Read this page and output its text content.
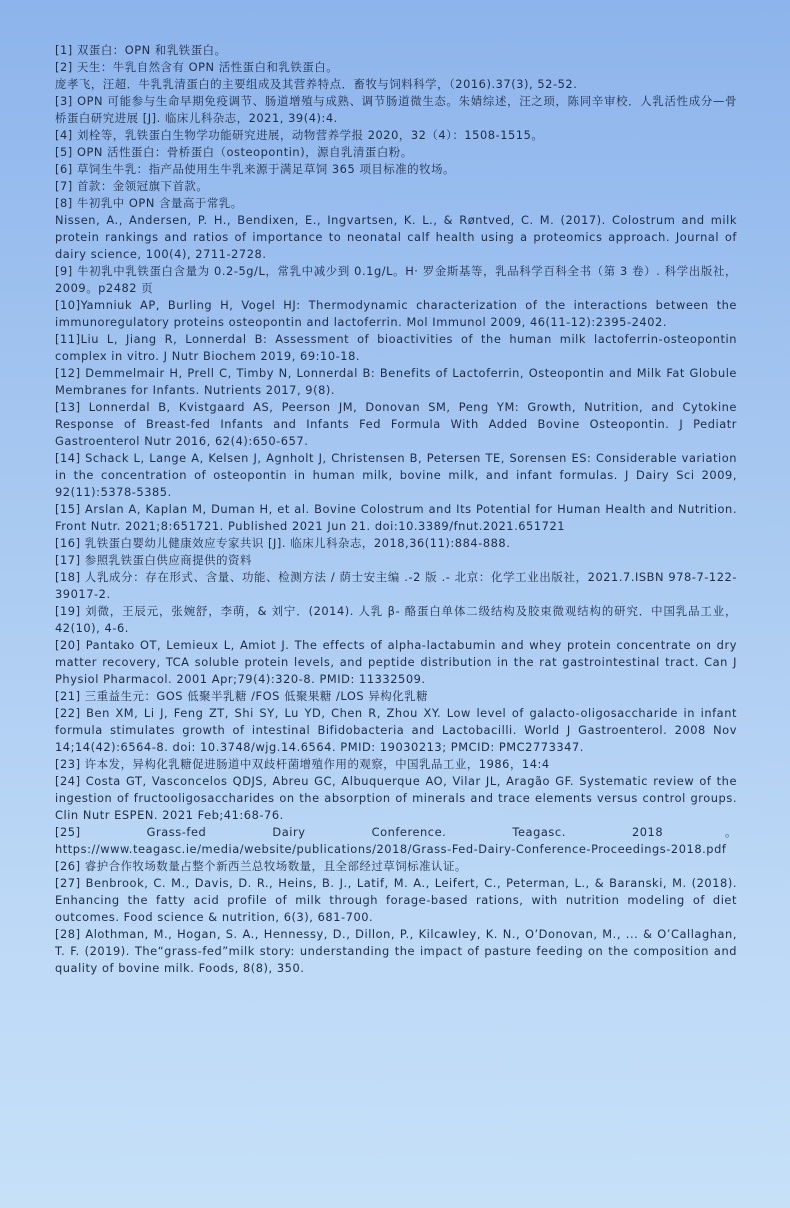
[1] 双蛋白：OPN 和乳铁蛋白。

[2] 天生：牛乳自然含有 OPN 活性蛋白和乳铁蛋白。

庞孝飞，汪超．牛乳乳清蛋白的主要组成及其营养特点．畜牧与饲料科学，（2016).37(3), 52-52.

[3] OPN 可能参与生命早期免疫调节、肠道增殖与成熟、调节肠道微生态。朱婧综述，汪之顼，陈同辛审校．人乳活性成分—骨桥蛋白研究进展 [J]. 临床儿科杂志，2021, 39(4):4.

[4] 刘栓等，乳铁蛋白生物学功能研究进展，动物营养学报 2020，32（4）：1508-1515。

[5] OPN 活性蛋白：骨桥蛋白（osteopontin)，源自乳清蛋白粉。

[6] 草饲生牛乳：指产品使用生牛乳来源于满足草饲 365 项目标准的牧场。

[7] 首款：金领冠旗下首款。

[8] 牛初乳中 OPN 含量高于常乳。

Nissen, A., Andersen, P. H., Bendixen, E., Ingvartsen, K. L., & Røntved, C. M. (2017). Colostrum and milk protein rankings and ratios of importance to neonatal calf health using a proteomics approach. Journal of dairy science, 100(4), 2711-2728.

[9] 牛初乳中乳铁蛋白含量为 0.2-5g/L，常乳中减少到 0.1g/L。H· 罗金斯基等，乳品科学百科全书（第 3 卷）. 科学出版社，2009。p2482 页

[10]Yamniuk AP, Burling H, Vogel HJ: Thermodynamic characterization of the interactions between the immunoregulatory proteins osteopontin and lactoferrin. Mol Immunol 2009, 46(11-12):2395-2402.

[11]Liu L, Jiang R, Lonnerdal B: Assessment of bioactivities of the human milk lactoferrin-osteopontin complex in vitro. J Nutr Biochem 2019, 69:10-18.

[12] Demmelmair H, Prell C, Timby N, Lonnerdal B: Benefits of Lactoferrin, Osteopontin and Milk Fat Globule Membranes for Infants. Nutrients 2017, 9(8).

[13] Lonnerdal B, Kvistgaard AS, Peerson JM, Donovan SM, Peng YM: Growth, Nutrition, and Cytokine Response of Breast-fed Infants and Infants Fed Formula With Added Bovine Osteopontin. J Pediatr Gastroenterol Nutr 2016, 62(4):650-657.

[14] Schack L, Lange A, Kelsen J, Agnholt J, Christensen B, Petersen TE, Sorensen ES: Considerable variation in the concentration of osteopontin in human milk, bovine milk, and infant formulas. J Dairy Sci 2009, 92(11):5378-5385.

[15] Arslan A, Kaplan M, Duman H, et al. Bovine Colostrum and Its Potential for Human Health and Nutrition. Front Nutr. 2021;8:651721. Published 2021 Jun 21. doi:10.3389/fnut.2021.651721

[16] 乳铁蛋白婴幼儿健康效应专家共识 [J]. 临床儿科杂志，2018,36(11):884-888.

[17] 参照乳铁蛋白供应商提供的资料

[18] 人乳成分：存在形式、含量、功能、检测方法 / 荫士安主编 .-2 版 .- 北京：化学工业出版社，2021.7.ISBN 978-7-122-39017-2.

[19] 刘微，王辰元，张婉舒，李萌，& 刘宁．(2014). 人乳 β- 酪蛋白单体二级结构及胶束微观结构的研究．中国乳品工业，42(10), 4-6.

[20] Pantako OT, Lemieux L, Amiot J. The effects of alpha-lactabumin and whey protein concentrate on dry matter recovery, TCA soluble protein levels, and peptide distribution in the rat gastrointestinal tract. Can J Physiol Pharmacol. 2001 Apr;79(4):320-8. PMID: 11332509.

[21] 三重益生元：GOS 低聚半乳糖 /FOS 低聚果糖 /LOS 异构化乳糖

[22] Ben XM, Li J, Feng ZT, Shi SY, Lu YD, Chen R, Zhou XY. Low level of galacto-oligosaccharide in infant formula stimulates growth of intestinal Bifidobacteria and Lactobacilli. World J Gastroenterol. 2008 Nov 14;14(42):6564-8. doi: 10.3748/wjg.14.6564. PMID: 19030213; PMCID: PMC2773347.

[23] 许本发，异构化乳糖促进肠道中双歧杆菌增殖作用的观察，中国乳品工业，1986，14:4

[24] Costa GT, Vasconcelos QDJS, Abreu GC, Albuquerque AO, Vilar JL, Aragão GF. Systematic review of the ingestion of fructooligosaccharides on the absorption of minerals and trace elements versus control groups. Clin Nutr ESPEN. 2021 Feb;41:68-76.

[25] Grass-fed Dairy Conference. Teagasc. 2018。https://www.teagasc.ie/media/website/publications/2018/Grass-Fed-Dairy-Conference-Proceedings-2018.pdf

[26] 睿护合作牧场数量占整个新西兰总牧场数量，且全部经过草饲标准认证。

[27] Benbrook, C. M., Davis, D. R., Heins, B. J., Latif, M. A., Leifert, C., Peterman, L., & Baranski, M. (2018). Enhancing the fatty acid profile of milk through forage‐based rations, with nutrition modeling of diet outcomes. Food science & nutrition, 6(3), 681-700.

[28] Alothman, M., Hogan, S. A., Hennessy, D., Dillon, P., Kilcawley, K. N., O’Donovan, M., ... & O’Callaghan, T. F. (2019). The“grass-fed”milk story: understanding the impact of pasture feeding on the composition and quality of bovine milk. Foods, 8(8), 350.
